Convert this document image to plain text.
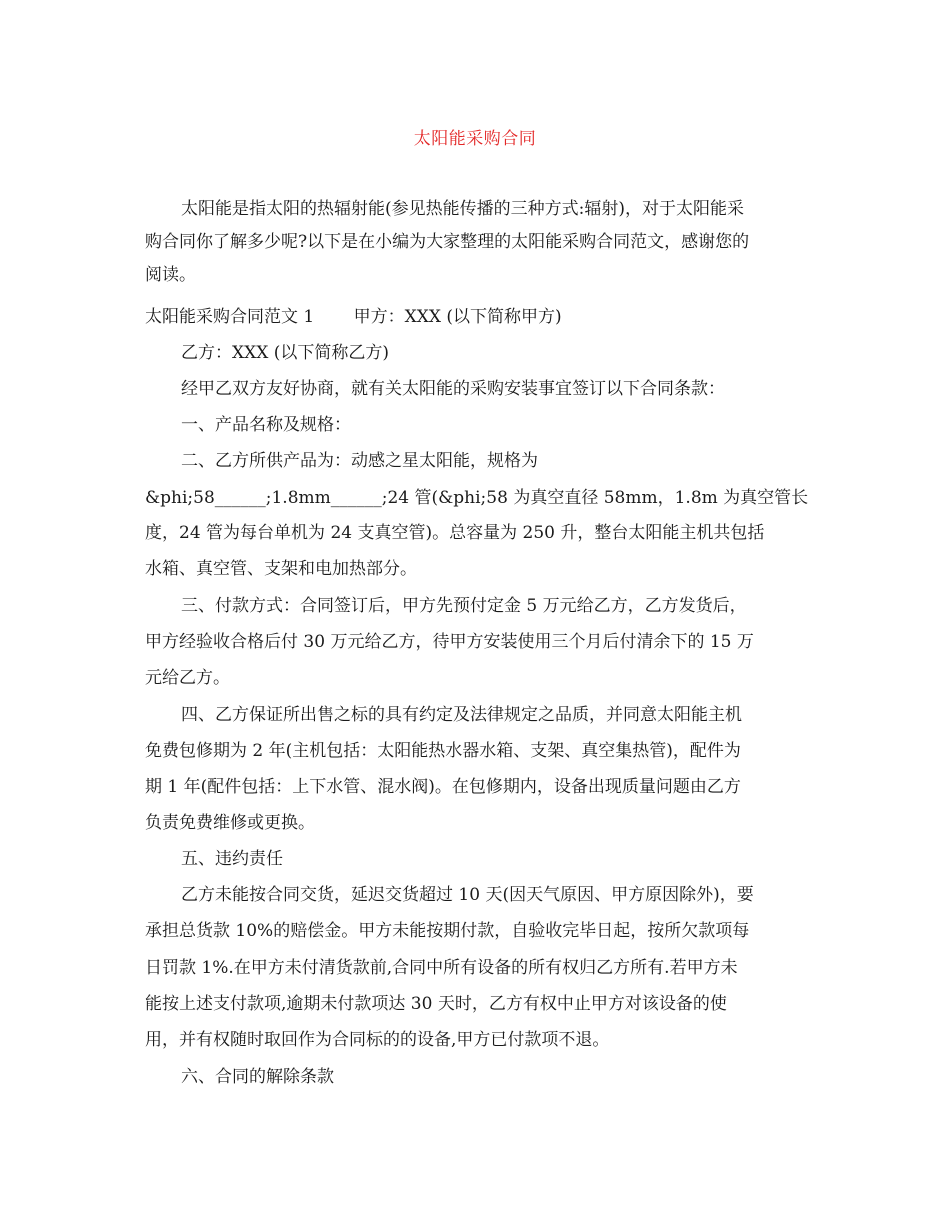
太阳能采购合同
太阳能是指太阳的热辐射能(参见热能传播的三种方式:辐射)，对于太阳能采
购合同你了解多少呢?以下是在小编为大家整理的太阳能采购合同范文，感谢您的
阅读。
太阳能采购合同范文 1　　 甲方：XXX (以下简称甲方)
乙方：XXX (以下简称乙方)
经甲乙双方友好协商，就有关太阳能的采购安装事宜签订以下合同条款：
一、产品名称及规格：
二、乙方所供产品为：动感之星太阳能，规格为
&phi;58______;1.8mm______;24 管(&phi;58 为真空直径 58mm，1.8m 为真空管长
度，24 管为每台单机为 24 支真空管)。总容量为 250 升，整台太阳能主机共包括
水箱、真空管、支架和电加热部分。
三、付款方式：合同签订后，甲方先预付定金 5 万元给乙方，乙方发货后，
甲方经验收合格后付 30 万元给乙方，待甲方安装使用三个月后付清余下的 15 万
元给乙方。
四、乙方保证所出售之标的具有约定及法律规定之品质，并同意太阳能主机
免费包修期为 2 年(主机包括：太阳能热水器水箱、支架、真空集热管)，配件为
期 1 年(配件包括：上下水管、混水阀)。在包修期内，设备出现质量问题由乙方
负责免费维修或更换。
五、违约责任
乙方未能按合同交货，延迟交货超过 10 天(因天气原因、甲方原因除外)，要
承担总货款 10%的赔偿金。甲方未能按期付款，自验收完毕日起，按所欠款项每
日罚款 1%.在甲方未付清货款前,合同中所有设备的所有权归乙方所有.若甲方未
能按上述支付款项,逾期未付款项达 30 天时，乙方有权中止甲方对该设备的使
用，并有权随时取回作为合同标的的设备,甲方已付款项不退。
六、合同的解除条款
